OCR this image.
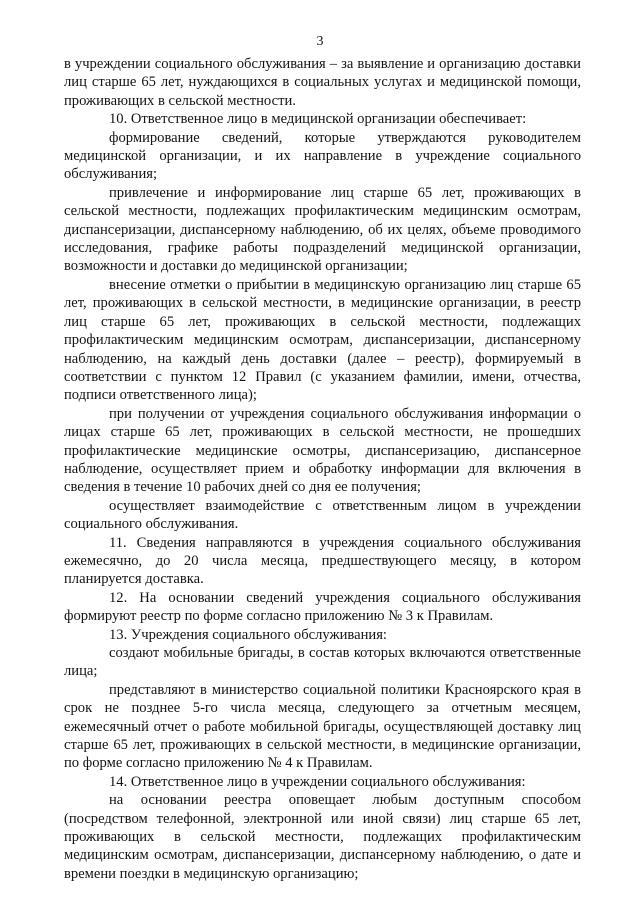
3

в учреждении социального обслуживания – за выявление и организацию доставки лиц старше 65 лет, нуждающихся в социальных услугах и медицинской помощи, проживающих в сельской местности.

10. Ответственное лицо в медицинской организации обеспечивает:

формирование сведений, которые утверждаются руководителем медицинской организации, и их направление в учреждение социального обслуживания;

привлечение и информирование лиц старше 65 лет, проживающих в сельской местности, подлежащих профилактическим медицинским осмотрам, диспансеризации, диспансерному наблюдению, об их целях, объеме проводимого исследования, графике работы подразделений медицинской организации, возможности и доставки до медицинской организации;

внесение отметки о прибытии в медицинскую организацию лиц старше 65 лет, проживающих в сельской местности, в медицинские организации, в реестр лиц старше 65 лет, проживающих в сельской местности, подлежащих профилактическим медицинским осмотрам, диспансеризации, диспансерному наблюдению, на каждый день доставки (далее – реестр), формируемый в соответствии с пунктом 12 Правил (с указанием фамилии, имени, отчества, подписи ответственного лица);

при получении от учреждения социального обслуживания информации о лицах старше 65 лет, проживающих в сельской местности, не прошедших профилактические медицинские осмотры, диспансеризацию, диспансерное наблюдение, осуществляет прием и обработку информации для включения в сведения в течение 10 рабочих дней со дня ее получения;

осуществляет взаимодействие с ответственным лицом в учреждении социального обслуживания.

11. Сведения направляются в учреждения социального обслуживания ежемесячно, до 20 числа месяца, предшествующего месяцу, в котором планируется доставка.

12. На основании сведений учреждения социального обслуживания формируют реестр по форме согласно приложению № 3 к Правилам.

13. Учреждения социального обслуживания:

создают мобильные бригады, в состав которых включаются ответственные лица;

представляют в министерство социальной политики Красноярского края в срок не позднее 5-го числа месяца, следующего за отчетным месяцем, ежемесячный отчет о работе мобильной бригады, осуществляющей доставку лиц старше 65 лет, проживающих в сельской местности, в медицинские организации, по форме согласно приложению № 4 к Правилам.

14. Ответственное лицо в учреждении социального обслуживания:

на основании реестра оповещает любым доступным способом (посредством телефонной, электронной или иной связи) лиц старше 65 лет, проживающих в сельской местности, подлежащих профилактическим медицинским осмотрам, диспансеризации, диспансерному наблюдению, о дате и времени поездки в медицинскую организацию;
